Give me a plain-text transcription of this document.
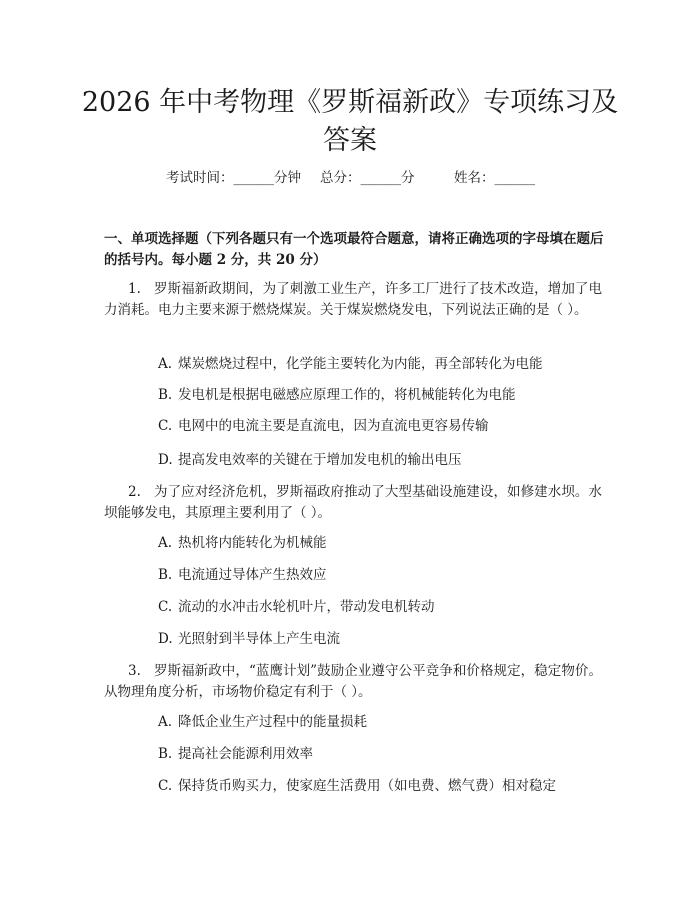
2026 年中考物理《罗斯福新政》专项练习及
答案
考试时间：______分钟 总分：______分	姓名：______

一、单项选择题（下列各题只有一个选项最符合题意，请将正确选项的字母填在题后的括号内。每小题 2 分，共 20 分）

1. 罗斯福新政期间，为了刺激工业生产，许多工厂进行了技术改造，增加了电力消耗。电力主要来源于燃烧煤炭。关于煤炭燃烧发电，下列说法正确的是（ ）。

A. 煤炭燃烧过程中，化学能主要转化为内能，再全部转化为电能

B. 发电机是根据电磁感应原理工作的，将机械能转化为电能

C. 电网中的电流主要是直流电，因为直流电更容易传输

D. 提高发电效率的关键在于增加发电机的输出电压

2. 为了应对经济危机，罗斯福政府推动了大型基础设施建设，如修建水坝。水坝能够发电，其原理主要利用了（ ）。

A. 热机将内能转化为机械能

B. 电流通过导体产生热效应

C. 流动的水冲击水轮机叶片，带动发电机转动

D. 光照射到半导体上产生电流

3. 罗斯福新政中，“蓝鹰计划”鼓励企业遵守公平竞争和价格规定，稳定物价。从物理角度分析，市场物价稳定有利于（ ）。

A. 降低企业生产过程中的能量损耗

B. 提高社会能源利用效率

C. 保持货币购买力，使家庭生活费用（如电费、燃气费）相对稳定
